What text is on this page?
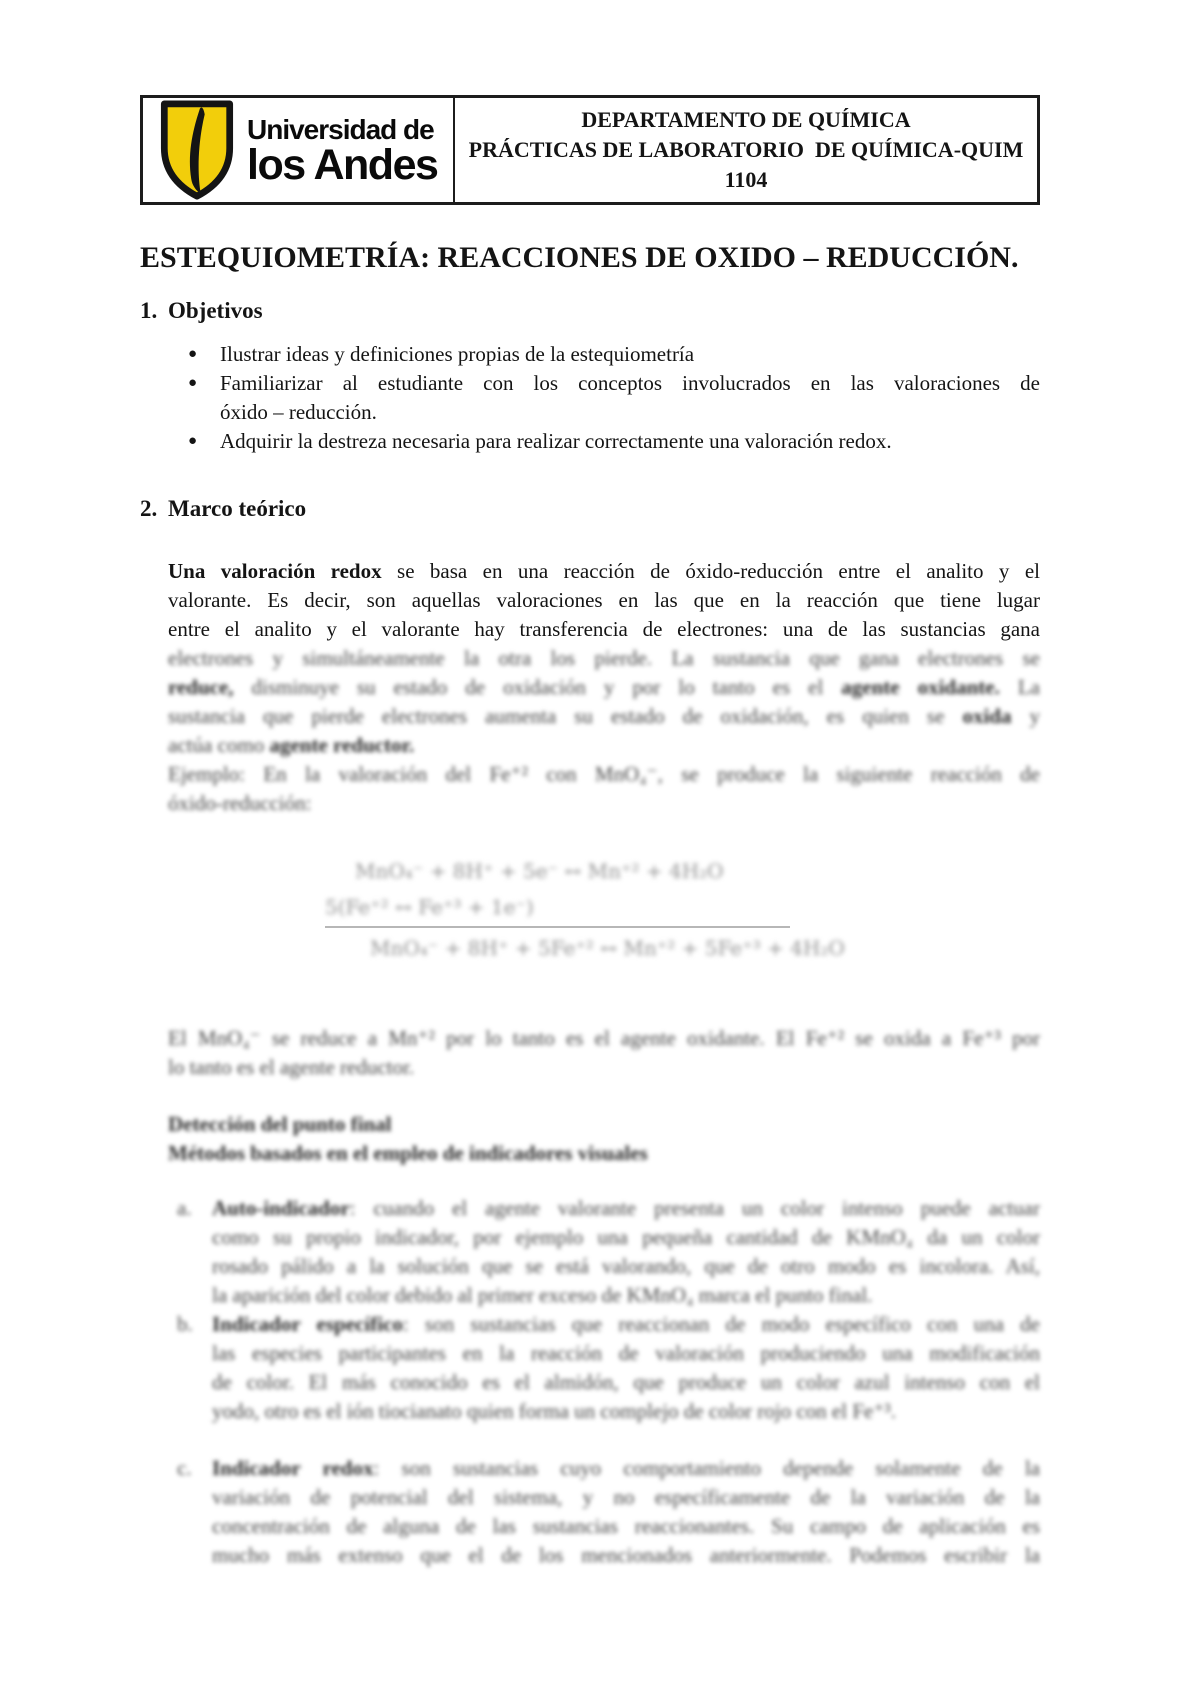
Universidad de
los Andes
DEPARTAMENTO DE QUÍMICA
PRÁCTICAS DE LABORATORIO  DE QUÍMICA-QUIM 1104
ESTEQUIOMETRÍA: REACCIONES DE OXIDO – REDUCCIÓN.
1. Objetivos
●	Ilustrar ideas y definiciones propias de la estequiometría
●	Familiarizar al estudiante con los conceptos involucrados en las valoraciones de
óxido – reducción.
●	Adquirir la destreza necesaria para realizar correctamente una valoración redox.
2. Marco teórico
Una valoración redox se basa en una reacción de óxido-reducción entre el analito y el
valorante. Es decir, son aquellas valoraciones en las que en la reacción que tiene lugar
entre el analito y el valorante hay transferencia de electrones: una de las sustancias gana
electrones y simultáneamente la otra los pierde. La sustancia que gana electrones se
reduce, disminuye su estado de oxidación y por lo tanto es el agente oxidante. La
sustancia que pierde electrones aumenta su estado de oxidación, es quien se oxida y
actúa como agente reductor.
Ejemplo: En la valoración del Fe⁺² con MnO₄⁻, se produce la siguiente reacción de
óxido-reducción:
MnO₄⁻ + 8H⁺ + 5e⁻ ↔ Mn⁺² + 4H₂O
5(Fe⁺² ↔ Fe⁺³ + 1e⁻)
MnO₄⁻ + 8H⁺ + 5Fe⁺² ↔ Mn⁺² + 5Fe⁺³ + 4H₂O
El MnO₄⁻ se reduce a Mn⁺² por lo tanto es el agente oxidante. El Fe⁺² se oxida a Fe⁺³ por
lo tanto es el agente reductor.
Detección del punto final
Métodos basados en el empleo de indicadores visuales
a. Auto-indicador: cuando el agente valorante presenta un color intenso puede actuar
como su propio indicador, por ejemplo una pequeña cantidad de KMnO₄ da un color
rosado pálido a la solución que se está valorando, que de otro modo es incolora. Así,
la aparición del color debido al primer exceso de KMnO₄ marca el punto final.
b. Indicador específico: son sustancias que reaccionan de modo específico con una de
las especies participantes en la reacción de valoración produciendo una modificación
de color. El más conocido es el almidón, que produce un color azul intenso con el
yodo, otro es el ión tiocianato quien forma un complejo de color rojo con el Fe⁺³.
c. Indicador redox: son sustancias cuyo comportamiento depende solamente de la
variación de potencial del sistema, y no específicamente de la variación de la
concentración de alguna de las sustancias reaccionantes. Su campo de aplicación es
mucho más extenso que el de los mencionados anteriormente. Podemos escribir la
